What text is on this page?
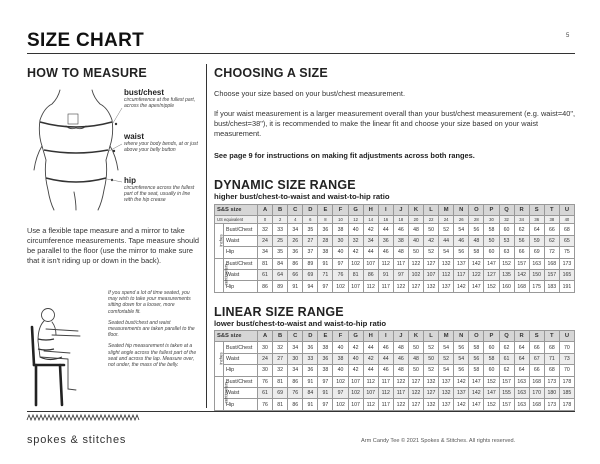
SIZE CHART	5
HOW TO MEASURE
bust/chest
circumference at the fullest part, across the apex/nipple
waist
where your body bends, at or just above your belly button
hip
circumference across the fullest part of the seat, usually in line with the hip crease
Use a flexible tape measure and a mirror to take circumference measurements. Tape measure should be parallel to the floor (use the mirror to make sure that it isn't riding up or down in the back).
If you spend a lot of time seated, you may wish to take your measurements sitting down for a looser, more comfortable fit.
Seated bust/chest and waist measurements are taken parallel to the floor.
Seated hip measurement is taken at a slight angle across the fullest part of the seat and across the lap. Measure over, not under, the mass of the belly.
CHOOSING A SIZE
Choose your size based on your bust/chest measurement.
If your waist measurement is a larger measurement overall than your bust/chest measurement (e.g. waist=40", bust/chest=38"), it is recommended to make the linear fit and choose your size based on your waist measurement.
See page 9 for instructions on making fit adjustments across both ranges.
DYNAMIC SIZE RANGE
higher bust/chest-to-waist and waist-to-hip ratio
S&S size		A	B	C	D	E	F	G	H	I	J	K	L	M	N	O	P	Q	R	S	T	U
US equivalent		0	2	4	6	8	10	12	14	16	18	20	22	24	26	28	30	32	34	36	38	40
inches	Bust/Chest	32	33	34	35	36	38	40	42	44	46	48	50	52	54	56	58	60	62	64	66	68
	Waist	24	25	26	27	28	30	32	34	36	38	40	42	44	46	48	50	53	56	59	62	65
	Hip	34	35	36	37	38	40	42	44	46	48	50	52	54	56	58	60	63	66	69	72	75
centimeters	Bust/Chest	81	84	86	89	91	97	102	107	112	117	122	127	132	137	142	147	152	157	163	168	173
	Waist	61	64	66	69	71	76	81	86	91	97	102	107	112	117	122	127	135	142	150	157	165
	Hip	86	89	91	94	97	102	107	112	117	122	127	132	137	142	147	152	160	168	175	183	191
LINEAR SIZE RANGE
lower bust/chest-to-waist and waist-to-hip ratio
S&S size		A	B	C	D	E	F	G	H	I	J	K	L	M	N	O	P	Q	R	S	T	U
inches	Bust/Chest	30	32	34	36	38	40	42	44	46	48	50	52	54	56	58	60	62	64	66	68	70
	Waist	24	27	30	33	36	38	40	42	44	46	48	50	52	54	56	58	61	64	67	71	73
	Hip	30	32	34	36	38	40	42	44	46	48	50	52	54	56	58	60	62	64	66	68	70
centimeters	Bust/Chest	76	81	86	91	97	102	107	112	117	122	127	132	137	142	147	152	157	163	168	173	178
	Waist	61	69	76	84	91	97	102	107	112	117	122	127	132	137	142	147	155	163	170	180	185
	Hip	76	81	86	91	97	102	107	112	117	122	127	132	137	142	147	152	157	163	168	173	178
spokes & stitches	Arm Candy Tee © 2021 Spokes & Stitches. All rights reserved.
